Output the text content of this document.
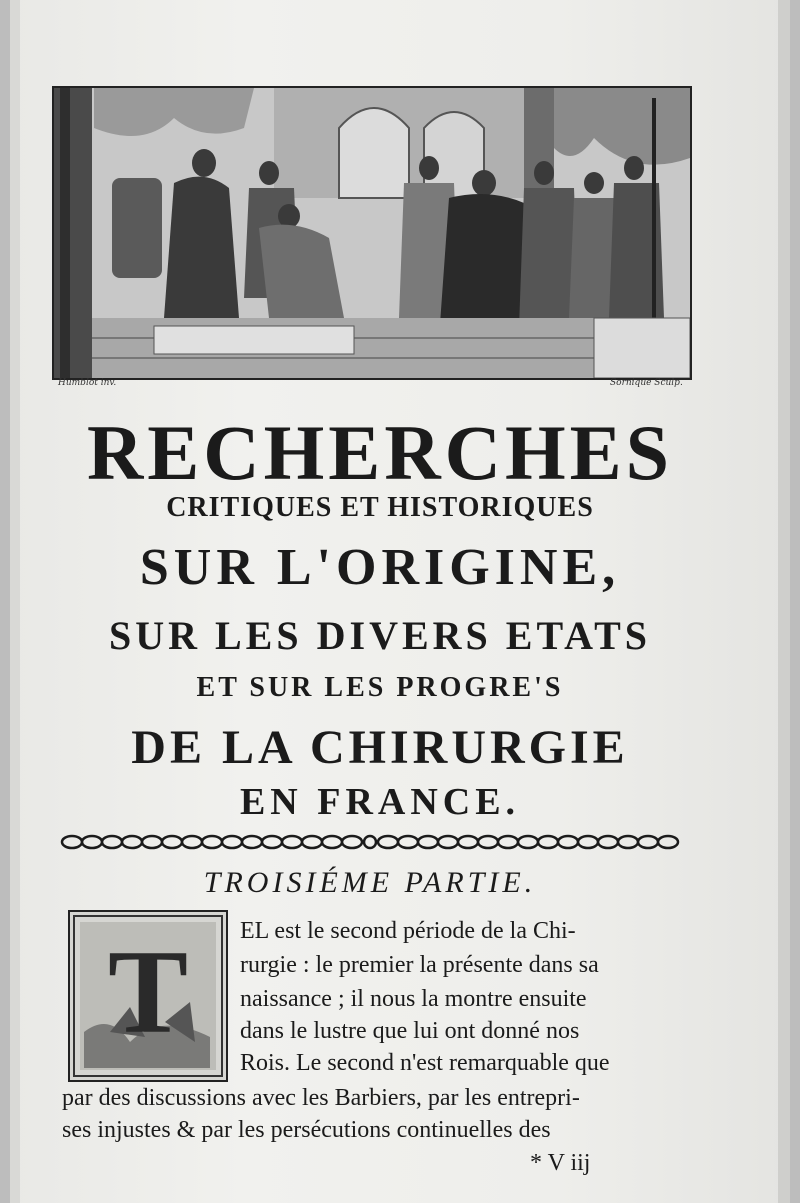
Humblot inv.	Sornique Sculp.
RECHERCHES
CRITIQUES ET HISTORIQUES
SUR L'ORIGINE,
SUR LES DIVERS ETATS
ET SUR LES PROGRE'S
DE LA CHIRURGIE
EN FRANCE.
TROISIÉME PARTIE.
T EL est le second période de la Chi-
rurgie : le premier la présente dans sa
naissance ; il nous la montre ensuite
dans le lustre que lui ont donné nos
Rois. Le second n'est remarquable que
par des discussions avec les Barbiers, par les entrepri-
ses injustes & par les persécutions continuelles des
* V iij
